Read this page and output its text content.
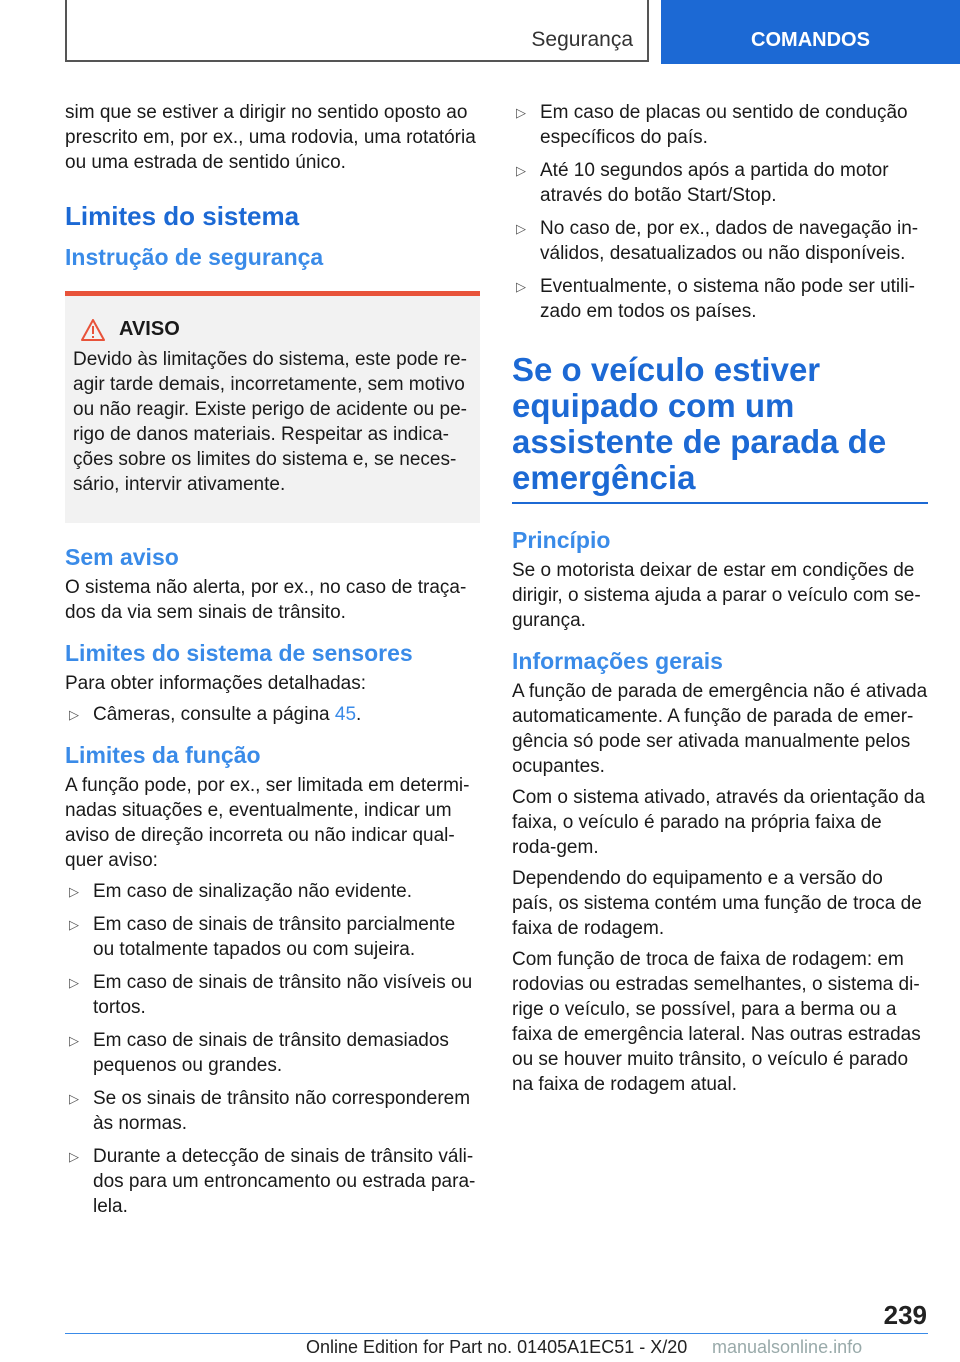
Segurança	COMANDOS

sim que se estiver a dirigir no sentido oposto ao prescrito em, por ex., uma rodovia, uma rotatória ou uma estrada de sentido único.

Limites do sistema
Instrução de segurança
AVISO

Devido às limitações do sistema, este pode re-agir tarde demais, incorretamente, sem motivo ou não reagir. Existe perigo de acidente ou pe-rigo de danos materiais. Respeitar as indica-ções sobre os limites do sistema e, se neces-sário, intervir ativamente.

Sem aviso

O sistema não alerta, por ex., no caso de traça-dos da via sem sinais de trânsito.

Limites do sistema de sensores

Para obter informações detalhadas:

▷ Câmeras, consulte a página 45.
Limites da função

A função pode, por ex., ser limitada em determi-nadas situações e, eventualmente, indicar um aviso de direção incorreta ou não indicar qual-quer aviso:

▷ Em caso de sinalização não evidente.
▷ Em caso de sinais de trânsito parcialmente ou totalmente tapados ou com sujeira.
▷ Em caso de sinais de trânsito não visíveis ou tortos.
▷ Em caso de sinais de trânsito demasiados pequenos ou grandes.
▷ Se os sinais de trânsito não corresponderem às normas.
▷ Durante a detecção de sinais de trânsito váli-dos para um entroncamento ou estrada para-lela.
▷ Em caso de placas ou sentido de condução específicos do país.
▷ Até 10 segundos após a partida do motor através do botão Start/Stop.
▷ No caso de, por ex., dados de navegação in-válidos, desatualizados ou não disponíveis.
▷ Eventualmente, o sistema não pode ser utili-zado em todos os países.
Se o veículo estiver equipado com um assistente de parada de emergência
Princípio

Se o motorista deixar de estar em condições de dirigir, o sistema ajuda a parar o veículo com se-gurança.

Informações gerais

A função de parada de emergência não é ativada automaticamente. A função de parada de emer-gência só pode ser ativada manualmente pelos ocupantes.

Com o sistema ativado, através da orientação da faixa, o veículo é parado na própria faixa de roda-gem.

Dependendo do equipamento e a versão do país, os sistema contém uma função de troca de faixa de rodagem.

Com função de troca de faixa de rodagem: em rodovias ou estradas semelhantes, o sistema di-rige o veículo, se possível, para a berma ou a faixa de emergência lateral. Nas outras estradas ou se houver muito trânsito, o veículo é parado na faixa de rodagem atual.

239
Online Edition for Part no. 01405A1EC51 - X/20 manualsonline.info
